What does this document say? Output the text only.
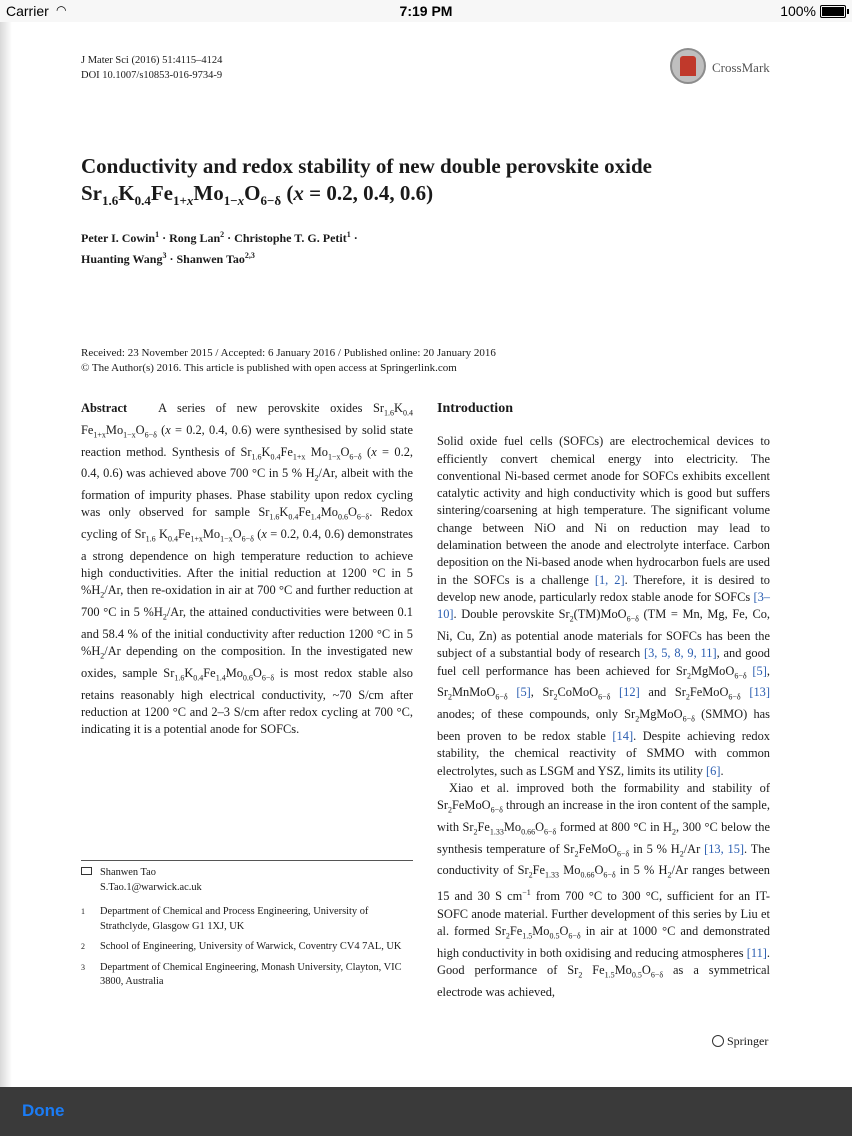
Carrier ◠	7:19 PM	100%
J Mater Sci (2016) 51:4115–4124
DOI 10.1007/s10853-016-9734-9
CrossMark
Conductivity and redox stability of new double perovskite oxide
$Sr_{1.6}K_{0.4}Fe_{1+x}Mo_{1-x}O_{6-\delta}$ (x = 0.2, 0.4, 0.6)
Peter I. Cowin$^1$ · Rong Lan$^2$ · Christophe T. G. Petit$^1$ ·
Huanting Wang$^3$ · Shanwen Tao$^{2,3}$
Received: 23 November 2015 / Accepted: 6 January 2016 / Published online: 20 January 2016
© The Author(s) 2016. This article is published with open access at Springerlink.com

Abstract   A series of new perovskite oxides $Sr_{1.6}K_{0.4}$ $Fe_{1+x}Mo_{1-x}O_{6-\delta}$ (x = 0.2, 0.4, 0.6) were synthesised by solid state reaction method. Synthesis of $Sr_{1.6}K_{0.4}Fe_{1+x}$ $Mo_{1-x}O_{6-\delta}$ (x = 0.2, 0.4, 0.6) was achieved above 700 °C in 5 % $H_2/Ar$, albeit with the formation of impurity phases. Phase stability upon redox cycling was only observed for sample $Sr_{1.6}K_{0.4}Fe_{1.4}Mo_{0.6}O_{6-\delta}$. Redox cycling of $Sr_{1.6}$ $K_{0.4}Fe_{1+x}Mo_{1-x}O_{6-\delta}$ (x = 0.2, 0.4, 0.6) demonstrates a strong dependence on high temperature reduction to achieve high conductivities. After the initial reduction at 1200 °C in 5 $\%H_2/Ar$, then re-oxidation in air at 700 °C and further reduction at 700 °C in 5 $\%H_2/Ar$, the attained conductivities were between 0.1 and 58.4 % of the initial conductivity after reduction 1200 °C in 5 $\%H_2/Ar$ depending on the composition. In the investigated new oxides, sample $Sr_{1.6}K_{0.4}Fe_{1.4}Mo_{0.6}O_{6-\delta}$ is most redox stable also retains reasonably high electrical conductivity, ~70 S/cm after reduction at 1200 °C and 2–3 S/cm after redox cycling at 700 °C, indicating it is a potential anode for SOFCs.

Introduction

Solid oxide fuel cells (SOFCs) are electrochemical devices to efficiently convert chemical energy into electricity. The conventional Ni-based cermet anode for SOFCs exhibits excellent catalytic activity and high conductivity which is good but suffers sintering/coarsening at high temperature. The significant volume change between NiO and Ni on reduction may lead to delamination between the anode and electrolyte interface. Carbon deposition on the Ni-based anode when hydrocarbon fuels are used in the SOFCs is a challenge [1, 2]. Therefore, it is desired to develop new anode, particularly redox stable anode for SOFCs [3–10]. Double perovskite $Sr_2(TM)MoO_{6-\delta}$ (TM = Mn, Mg, Fe, Co, Ni, Cu, Zn) as potential anode materials for SOFCs has been the subject of a substantial body of research [3, 5, 8, 9, 11], and good fuel cell performance has been achieved for $Sr_2MgMoO_{6-\delta}$ [5], $Sr_2MnMoO_{6-\delta}$ [5], $Sr_2CoMoO_{6-\delta}$ [12] and $Sr_2FeMoO_{6-\delta}$ [13] anodes; of these compounds, only $Sr_2MgMoO_{6-\delta}$ (SMMO) has been proven to be redox stable [14]. Despite achieving redox stability, the chemical reactivity of SMMO with common electrolytes, such as LSGM and YSZ, limits its utility [6].

Xiao et al. improved both the formability and stability of $Sr_2FeMoO_{6-\delta}$ through an increase in the iron content of the sample, with $Sr_2Fe_{1.33}Mo_{0.66}O_{6-\delta}$ formed at 800 °C in $H_2$, 300 °C below the synthesis temperature of $Sr_2FeMoO_{6-\delta}$ in 5 % $H_2/Ar$ [13, 15]. The conductivity of $Sr_2Fe_{1.33}$ $Mo_{0.66}O_{6-\delta}$ in 5 % $H_2/Ar$ ranges between 15 and 30 S $cm^{-1}$ from 700 °C to 300 °C, sufficient for an IT-SOFC anode material. Further development of this series by Liu et al. formed $Sr_2Fe_{1.5}Mo_{0.5}O_{6-\delta}$ in air at 1000 °C and demonstrated high conductivity in both oxidising and reducing atmospheres [11]. Good performance of $Sr_2$ $Fe_{1.5}Mo_{0.5}O_{6-\delta}$ as a symmetrical electrode was achieved,

Shanwen Tao
S.Tao.1@warwick.ac.uk
1 Department of Chemical and Process Engineering, University of Strathclyde, Glasgow G1 1XJ, UK
2 School of Engineering, University of Warwick, Coventry CV4 7AL, UK
3 Department of Chemical Engineering, Monash University, Clayton, VIC 3800, Australia
Springer
Done
